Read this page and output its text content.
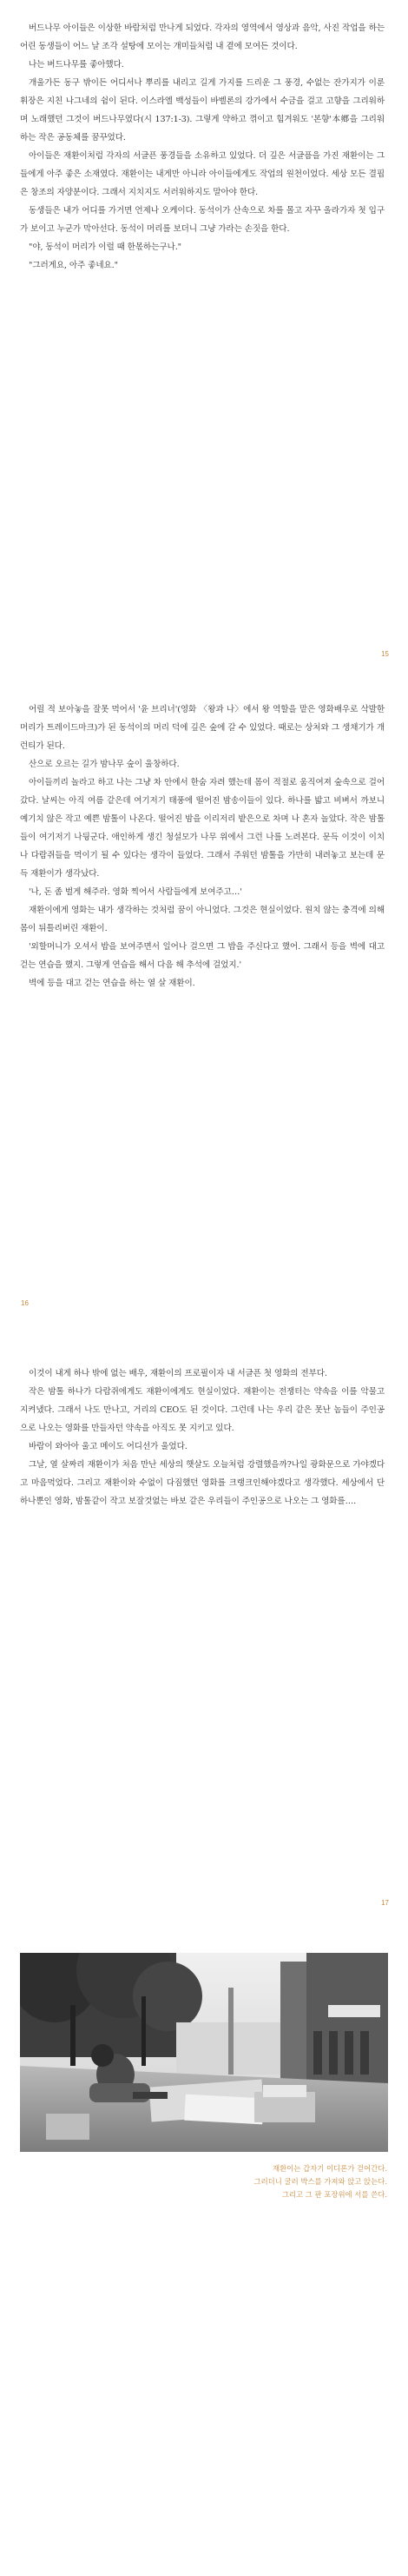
버드나무 아이들은 이상한 바람처럼 만나게 되었다. 각자의 영역에서 영상과 음악, 사진 작업을 하는 어린 동생들이 어느 날 조각 설탕에 모이는 개미들처럼 내 곁에 모여든 것이다.

나는 버드나무를 좋아했다.

개울가든 동구 밖이든 어디서나 뿌리를 내리고 길게 가지를 드리운 그 풍경, 수없는 잔가지가 이룬 휘장은 지친 나그네의 쉼이 된다. 이스라엘 백성들이 바벨론의 강가에서 수금을 걸고 고향을 그리워하며 노래했던 그것이 버드나무였다(시 137:1-3). 그렇게 약하고 꺾이고 힘겨워도 '본향'本鄕을 그리워하는 작은 공동체를 꿈꾸었다.

아이들은 재환이처럼 각자의 서글픈 풍경들을 소유하고 있었다. 더 깊은 서글픔을 가진 재환이는 그들에게 아주 좋은 소재였다. 재환이는 내게만 아니라 아이들에게도 작업의 원천이었다. 세상 모든 결핍은 창조의 자양분이다. 그래서 지치지도 서러워하지도 말아야 한다.

동생들은 내가 어디를 가거면 언제나 오케이다. 동석이가 산속으로 차를 몰고 자꾸 올라가자 첫 입구가 보이고 누군가 막아선다. 동석이 머리를 보더니 그냥 가라는 손짓을 한다.

"야, 동석이 머리가 이럴 때 한몫하는구나."

"그러게요, 아주 좋네요."

15

어릴 적 보아놓을 잘못 먹어서 '윤 브리너'(영화 〈왕과 나〉에서 왕 역할을 맡은 영화배우로 삭발한 머리가 트레이드마크)가 된 동석이의 머리 덕에 깊은 숲에 갈 수 있었다. 때로는 상처와 그 생채기가 개런티가 된다.

산으로 오르는 길가 밤나무 숲이 울창하다.

아이들끼리 놀라고 하고 나는 그냥 차 안에서 한숨 자려 했는데 몸이 적절로 움직여져 숲속으로 걸어갔다. 날씨는 아직 여름 같은데 여기저기 태풍에 떨어진 밤송이들이 있다. 하나를 밟고 비벼서 까보니 예기치 않은 작고 예쁜 밤톨이 나온다. 떨어진 밤을 이리저리 밭은으로 차며 나 혼자 놀았다. 작은 밤톨들이 여기저기 나뒹군다. 애인하게 생긴 청설모가 나무 위에서 그런 나를 노려본다. 문득 이것이 이치나 다람쥐들을 먹이기 될 수 있다는 생각이 들었다. 그래서 주워던 밤톨을 가만히 내려놓고 보는데 문득 재환이가 생각났다.

'나, 돈 좀 벌게 해주라. 영화 찍어서 사람들에게 보여주고…'

재환이에게 영화는 내가 생각하는 것처럼 꿈이 아니었다. 그것은 현실이었다. 원치 않는 충격에 의해 몸이 뒤틀리버린 재환이.

'외할머니가 오셔서 밥을 보여주면서 일어나 걸으면 그 밥을 주신다고 했어. 그래서 등을 벽에 대고 걷는 연습을 했지. 그렇게 연습을 해서 다음 해 추석에 걸었지.'

벽에 등을 대고 걷는 연습을 하는 열 살 재환이.

16

이것이 내게 하나 밖에 없는 배우, 재환이의 프로필이자 내 서글픈 첫 영화의 전부다.

작은 밤톨 하나가 다람쥐에게도 재환이에게도 현실이었다. 재환이는 전쟁터는 약속을 이를 악물고 지켜냈다. 그래서 나도 만나고, 거리의 CEO도 된 것이다. 그런데 나는 우리 같은 못난 놈들이 주인공으로 나오는 영화를 만들자던 약속을 아직도 못 지키고 있다.

바람이 와아아 울고 메이도 어디선가 울었다.

그날, 열 살짜리 재환이가 처음 만난 세상의 햇살도 오늘처럼 강렬했을까?나일 광화문으로 가야겠다고 마음먹었다. 그리고 재환이와 수없이 다짐했던 영화를 크랭크인해야겠다고 생각했다. 세상에서 단 하나뿐인 영화, 밤톨같이 작고 보잘것없는 바보 같은 우리들이 주인공으로 나오는 그 영화를….

17
재환이는 갑자기 이디론가 걷어간다.
그러더니 굴러 박스를 가져와 앉고 앉는다.
그리고 그 판 포장위에 서를 쓴다.
